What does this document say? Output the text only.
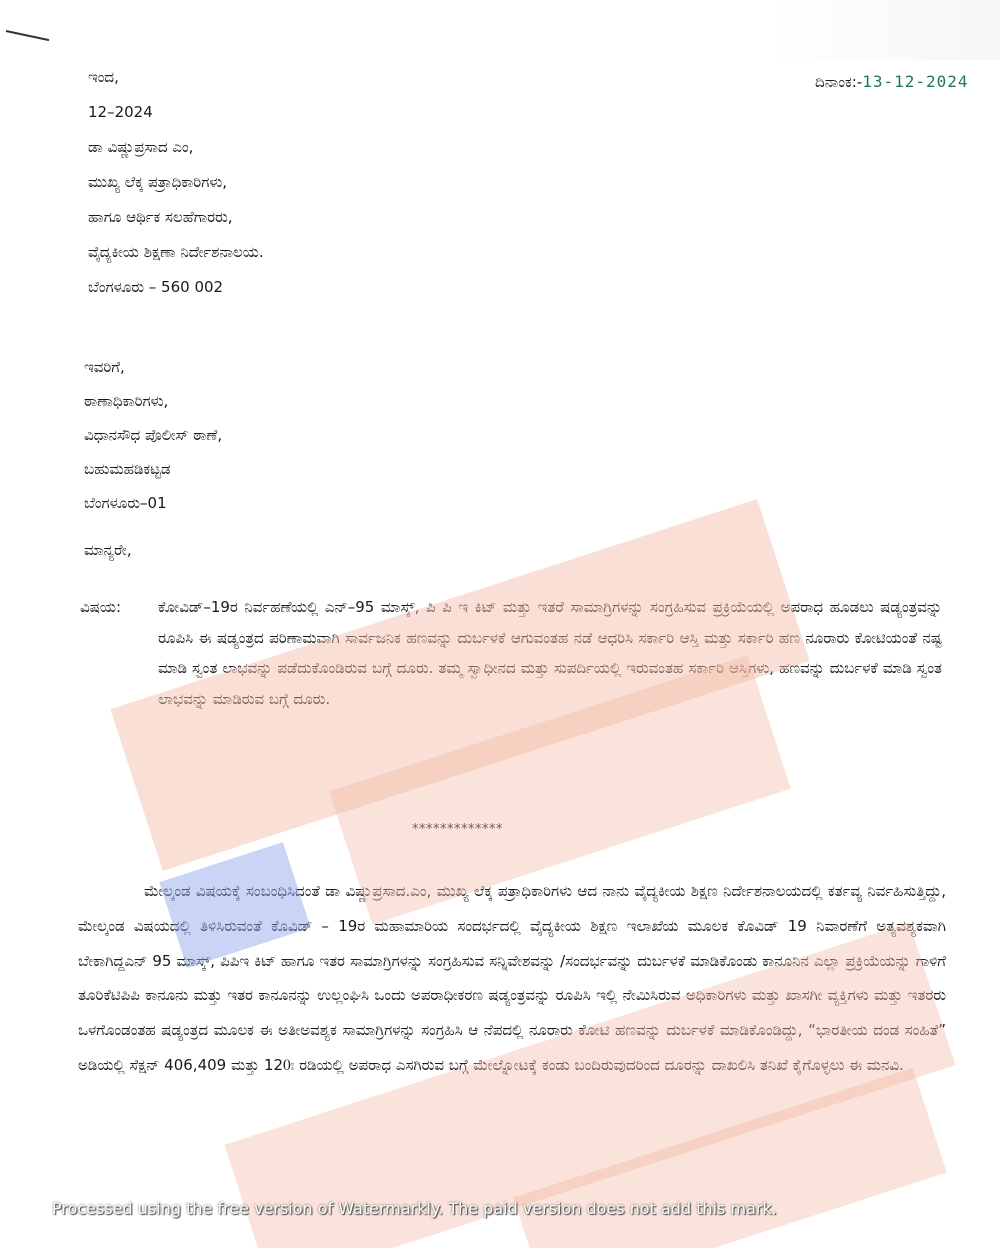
ಇಂದ,
12–2024
ಡಾ ವಿಷ್ಣುಪ್ರಸಾದ ಎಂ,
ಮುಖ್ಯ ಲೆಕ್ಕ ಪತ್ರಾಧಿಕಾರಿಗಳು,
ಹಾಗೂ ಆರ್ಥಿಕ ಸಲಹೆಗಾರರು,
ವೈದ್ಯಕೀಯ ಶಿಕ್ಷಣಾ ನಿರ್ದೇಶನಾಲಯ.
ಬೆಂಗಳೂರು – 560 002
ದಿನಾಂಕ:-13-12-2024
ಇವರಿಗೆ,
ಠಾಣಾಧಿಕಾರಿಗಳು,
ವಿಧಾನಸೌಧ ಪೊಲೀಸ್ ಠಾಣೆ,
ಬಹುಮಹಡಿಕಟ್ಟಡ
ಬೆಂಗಳೂರು–01
ಮಾನ್ಯರೇ,
ವಿಷಯ: ಕೋವಿಡ್–19ರ ನಿರ್ವಹಣೆಯಲ್ಲಿ ಎನ್–95 ಮಾಸ್ಕ್, ಪಿ ಪಿ ಇ ಕಿಟ್ ಮತ್ತು ಇತರೆ ಸಾಮಾಗ್ರಿಗಳನ್ನು ಸಂಗ್ರಹಿಸುವ ಪ್ರಕ್ರಿಯೆಯಲ್ಲಿ ಅಪರಾಧ ಹೂಡಲು ಷಡ್ಯಂತ್ರವನ್ನು ರೂಪಿಸಿ ಈ ಷಡ್ಯಂತ್ರದ ಪರಿಣಾಮವಾಗಿ ಸಾರ್ವಜನಿಕ ಹಣವನ್ನು ದುರ್ಬಳಕೆ ಆಗುವಂತಹ ನಡೆ ಆಧರಿಸಿ ಸರ್ಕಾರಿ ಆಸ್ತಿ ಮತ್ತು ಸರ್ಕಾರಿ ಹಣ ನೂರಾರು ಕೋಟಿಯಂತೆ ನಷ್ಟ ಮಾಡಿ ಸ್ವಂತ ಲಾಭವನ್ನು ಪಡೆದುಕೊಂಡಿರುವ ಬಗ್ಗೆ ದೂರು. ತಮ್ಮ ಸ್ವಾಧೀನದ ಮತ್ತು ಸುಪರ್ದಿಯಲ್ಲಿ ಇರುವಂತಹ ಸರ್ಕಾರಿ ಆಸ್ತಿಗಳು, ಹಣವನ್ನು ದುರ್ಬಳಕೆ ಮಾಡಿ ಸ್ವಂತ ಲಾಭವನ್ನು ಮಾಡಿರುವ ಬಗ್ಗೆ ದೂರು.
*************
ಮೇಲ್ಕಂಡ ವಿಷಯಕ್ಕೆ ಸಂಬಂಧಿಸಿದಂತೆ ಡಾ ವಿಷ್ಣುಪ್ರಸಾದ.ಎಂ, ಮುಖ್ಯ ಲೆಕ್ಕ ಪತ್ರಾಧಿಕಾರಿಗಳು ಆದ ನಾನು ವೈದ್ಯಕೀಯ ಶಿಕ್ಷಣ ನಿರ್ದೇಶನಾಲಯದಲ್ಲಿ ಕರ್ತವ್ಯ ನಿರ್ವಹಿಸುತ್ತಿದ್ದು, ಮೇಲ್ಕಂಡ ವಿಷಯದಲ್ಲಿ ತಿಳಿಸಿರುವಂತೆ ಕೊವಿಡ್ – 19ರ ಮಹಾಮಾರಿಯ ಸಂದರ್ಭದಲ್ಲಿ ವೈದ್ಯಕೀಯ ಶಿಕ್ಷಣ ಇಲಾಖೆಯ ಮೂಲಕ ಕೊವಿಡ್ 19 ನಿವಾರಣೆಗೆ ಅತ್ಯವಶ್ಯಕವಾಗಿ ಬೇಕಾಗಿದ್ದಎನ್ 95 ಮಾಸ್ಕ್, ಪಿಪಿಇ ಕಿಟ್ ಹಾಗೂ ಇತರ ಸಾಮಾಗ್ರಿಗಳನ್ನು ಸಂಗ್ರಹಿಸುವ ಸನ್ನಿವೇಶವನ್ನು /ಸಂದರ್ಭವನ್ನು ದುರ್ಬಳಕೆ ಮಾಡಿಕೊಂಡು ಕಾನೂನಿನ ಎಲ್ಲಾ ಪ್ರಕ್ರಿಯೆಯನ್ನು ಗಾಳಿಗೆ ತೂರಿಕೆಟಿಪಿಪಿ ಕಾನೂನು ಮತ್ತು ಇತರ ಕಾನೂನನ್ನು ಉಲ್ಲಂಘಿಸಿ ಒಂದು ಅಪರಾಧೀಕರಣ ಷಡ್ಯಂತ್ರವನ್ನು ರೂಪಿಸಿ ಇಲ್ಲಿ ನೇಮಿಸಿರುವ ಅಧಿಕಾರಿಗಳು ಮತ್ತು ಖಾಸಗೀ ವ್ಯಕ್ತಿಗಳು ಮತ್ತು ಇತರರು ಒಳಗೊಂಡಂತಹ ಷಡ್ಯಂತ್ರದ ಮೂಲಕ ಈ ಅತೀಅವಶ್ಯಕ ಸಾಮಾಗ್ರಿಗಳನ್ನು ಸಂಗ್ರಹಿಸಿ ಆ ನೆಪದಲ್ಲಿ ನೂರಾರು ಕೋಟಿ ಹಣವನ್ನು ದುರ್ಬಳಕೆ ಮಾಡಿಕೊಂಡಿದ್ದು, “ಭಾರತೀಯ ದಂಡ ಸಂಹಿತೆ” ಅಡಿಯಲ್ಲಿ ಸೆಕ್ಷನ್ 406,409 ಮತ್ತು 120ಃ ರಡಿಯಲ್ಲಿ ಅಪರಾಧ ಎಸಗಿರುವ ಬಗ್ಗೆ ಮೇಲ್ನೋಟಕ್ಕೆ ಕಂಡು ಬಂದಿರುವುದರಿಂದ ದೂರನ್ನು ದಾಖಲಿಸಿ ತನಿಖೆ ಕೈಗೊಳ್ಳಲು ಈ ಮನವಿ.
Processed using the free version of Watermarkly. The paid version does not add this mark.
